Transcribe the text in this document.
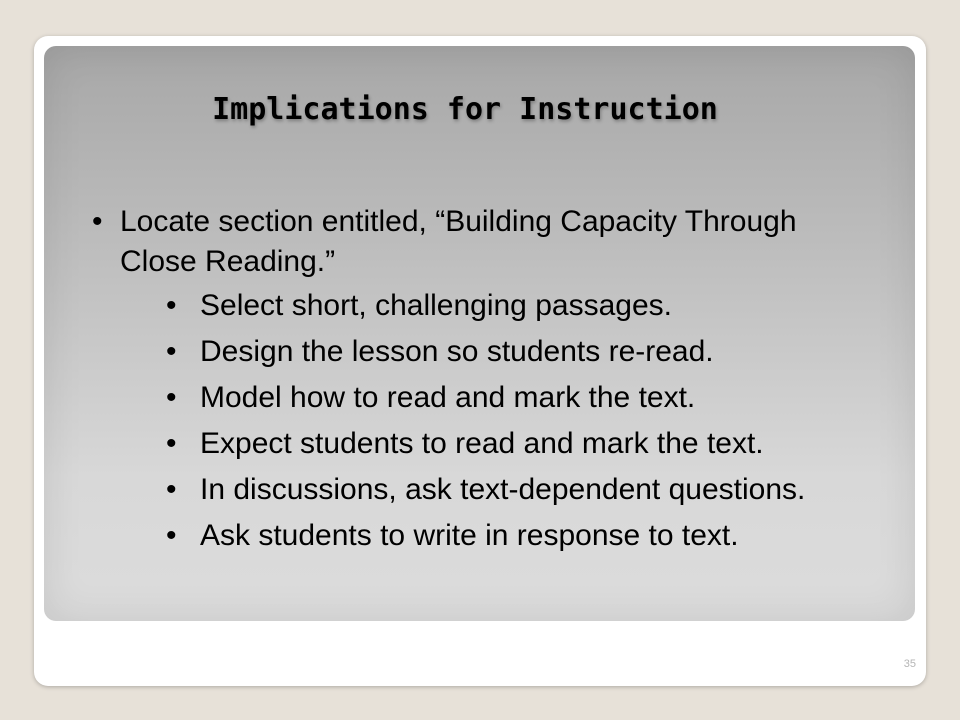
Implications for Instruction
• Locate section entitled, “Building Capacity Through Close Reading.”
• Select short, challenging passages.
• Design the lesson so students re-read.
• Model how to read and mark the text.
• Expect students to read and mark the text.
• In discussions, ask text-dependent questions.
• Ask students to write in response to text.
35
